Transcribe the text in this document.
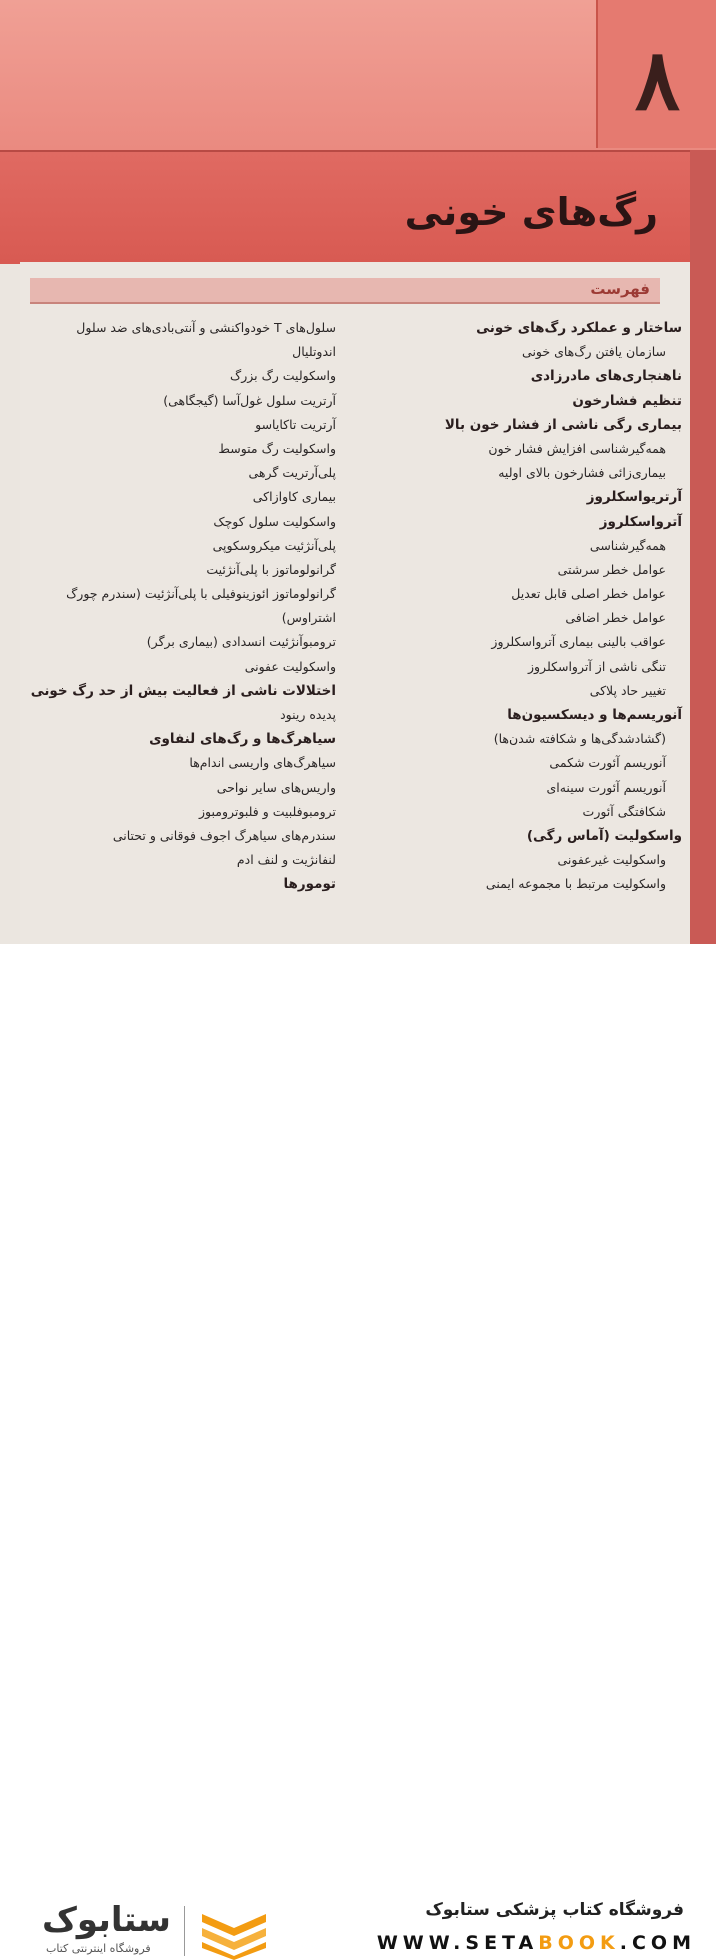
۸
رگ‌های خونی
فهرست
ساختار و عملکرد رگ‌های خونی
سازمان یافتن رگ‌های خونی
ناهنجاری‌های مادرزادی
تنظیم فشارخون
بیماری رگی ناشی از فشار خون بالا
همه‌گیرشناسی افزایش فشار خون
بیماری‌زائی فشارخون بالای اولیه
آرتریواسکلروز
آترواسکلروز
همه‌گیرشناسی
عوامل خطر سرشتی
عوامل خطر اصلی قابل تعدیل
عوامل خطر اضافی
عواقب بالینی بیماری آترواسکلروز
تنگی ناشی از آترواسکلروز
تغییر حاد پلاکی
آنوریسم‌ها و دیسکسیون‌ها
(گشادشدگی‌ها و شکافته شدن‌ها)
آنوریسم آئورت شکمی
آنوریسم آئورت سینه‌ای
شکافتگی آئورت
واسکولیت (آماس رگی)
واسکولیت غیرعفونی
واسکولیت مرتبط با مجموعه ایمنی
سلول‌های T خودواکنشی و آنتی‌بادی‌های ضد سلول
اندوتلیال
واسکولیت رگ بزرگ
آرتریت سلول غول‌آسا (گیجگاهی)
آرتریت تاکایاسو
واسکولیت رگ متوسط
پلی‌آرتریت گرهی
بیماری کاوازاکی
واسکولیت سلول کوچک
پلی‌آنژئیت میکروسکوپی
گرانولوماتوز با پلی‌آنژئیت
گرانولوماتوز ائوزینوفیلی با پلی‌آنژئیت (سندرم چورگ
اشتراوس)
ترومبوآنژئیت انسدادی (بیماری برگر)
واسکولیت عفونی
اختلالات ناشی از فعالیت بیش از حد رگ خونی
پدیده رینود
سیاهرگ‌ها و رگ‌های لنفاوی
سیاهرگ‌های واریسی اندام‌ها
واریس‌های سایر نواحی
ترومبوفلبیت و فلبوترومبوز
سندرم‌های سیاهرگ اجوف فوقانی و تحتانی
لنفانژیت و لنف ادم
تومورها
فروشگاه کتاب پزشکی ستابوک
WWW.SETABOOK.COM
ستابوک
فروشگاه اینترنتی کتاب
